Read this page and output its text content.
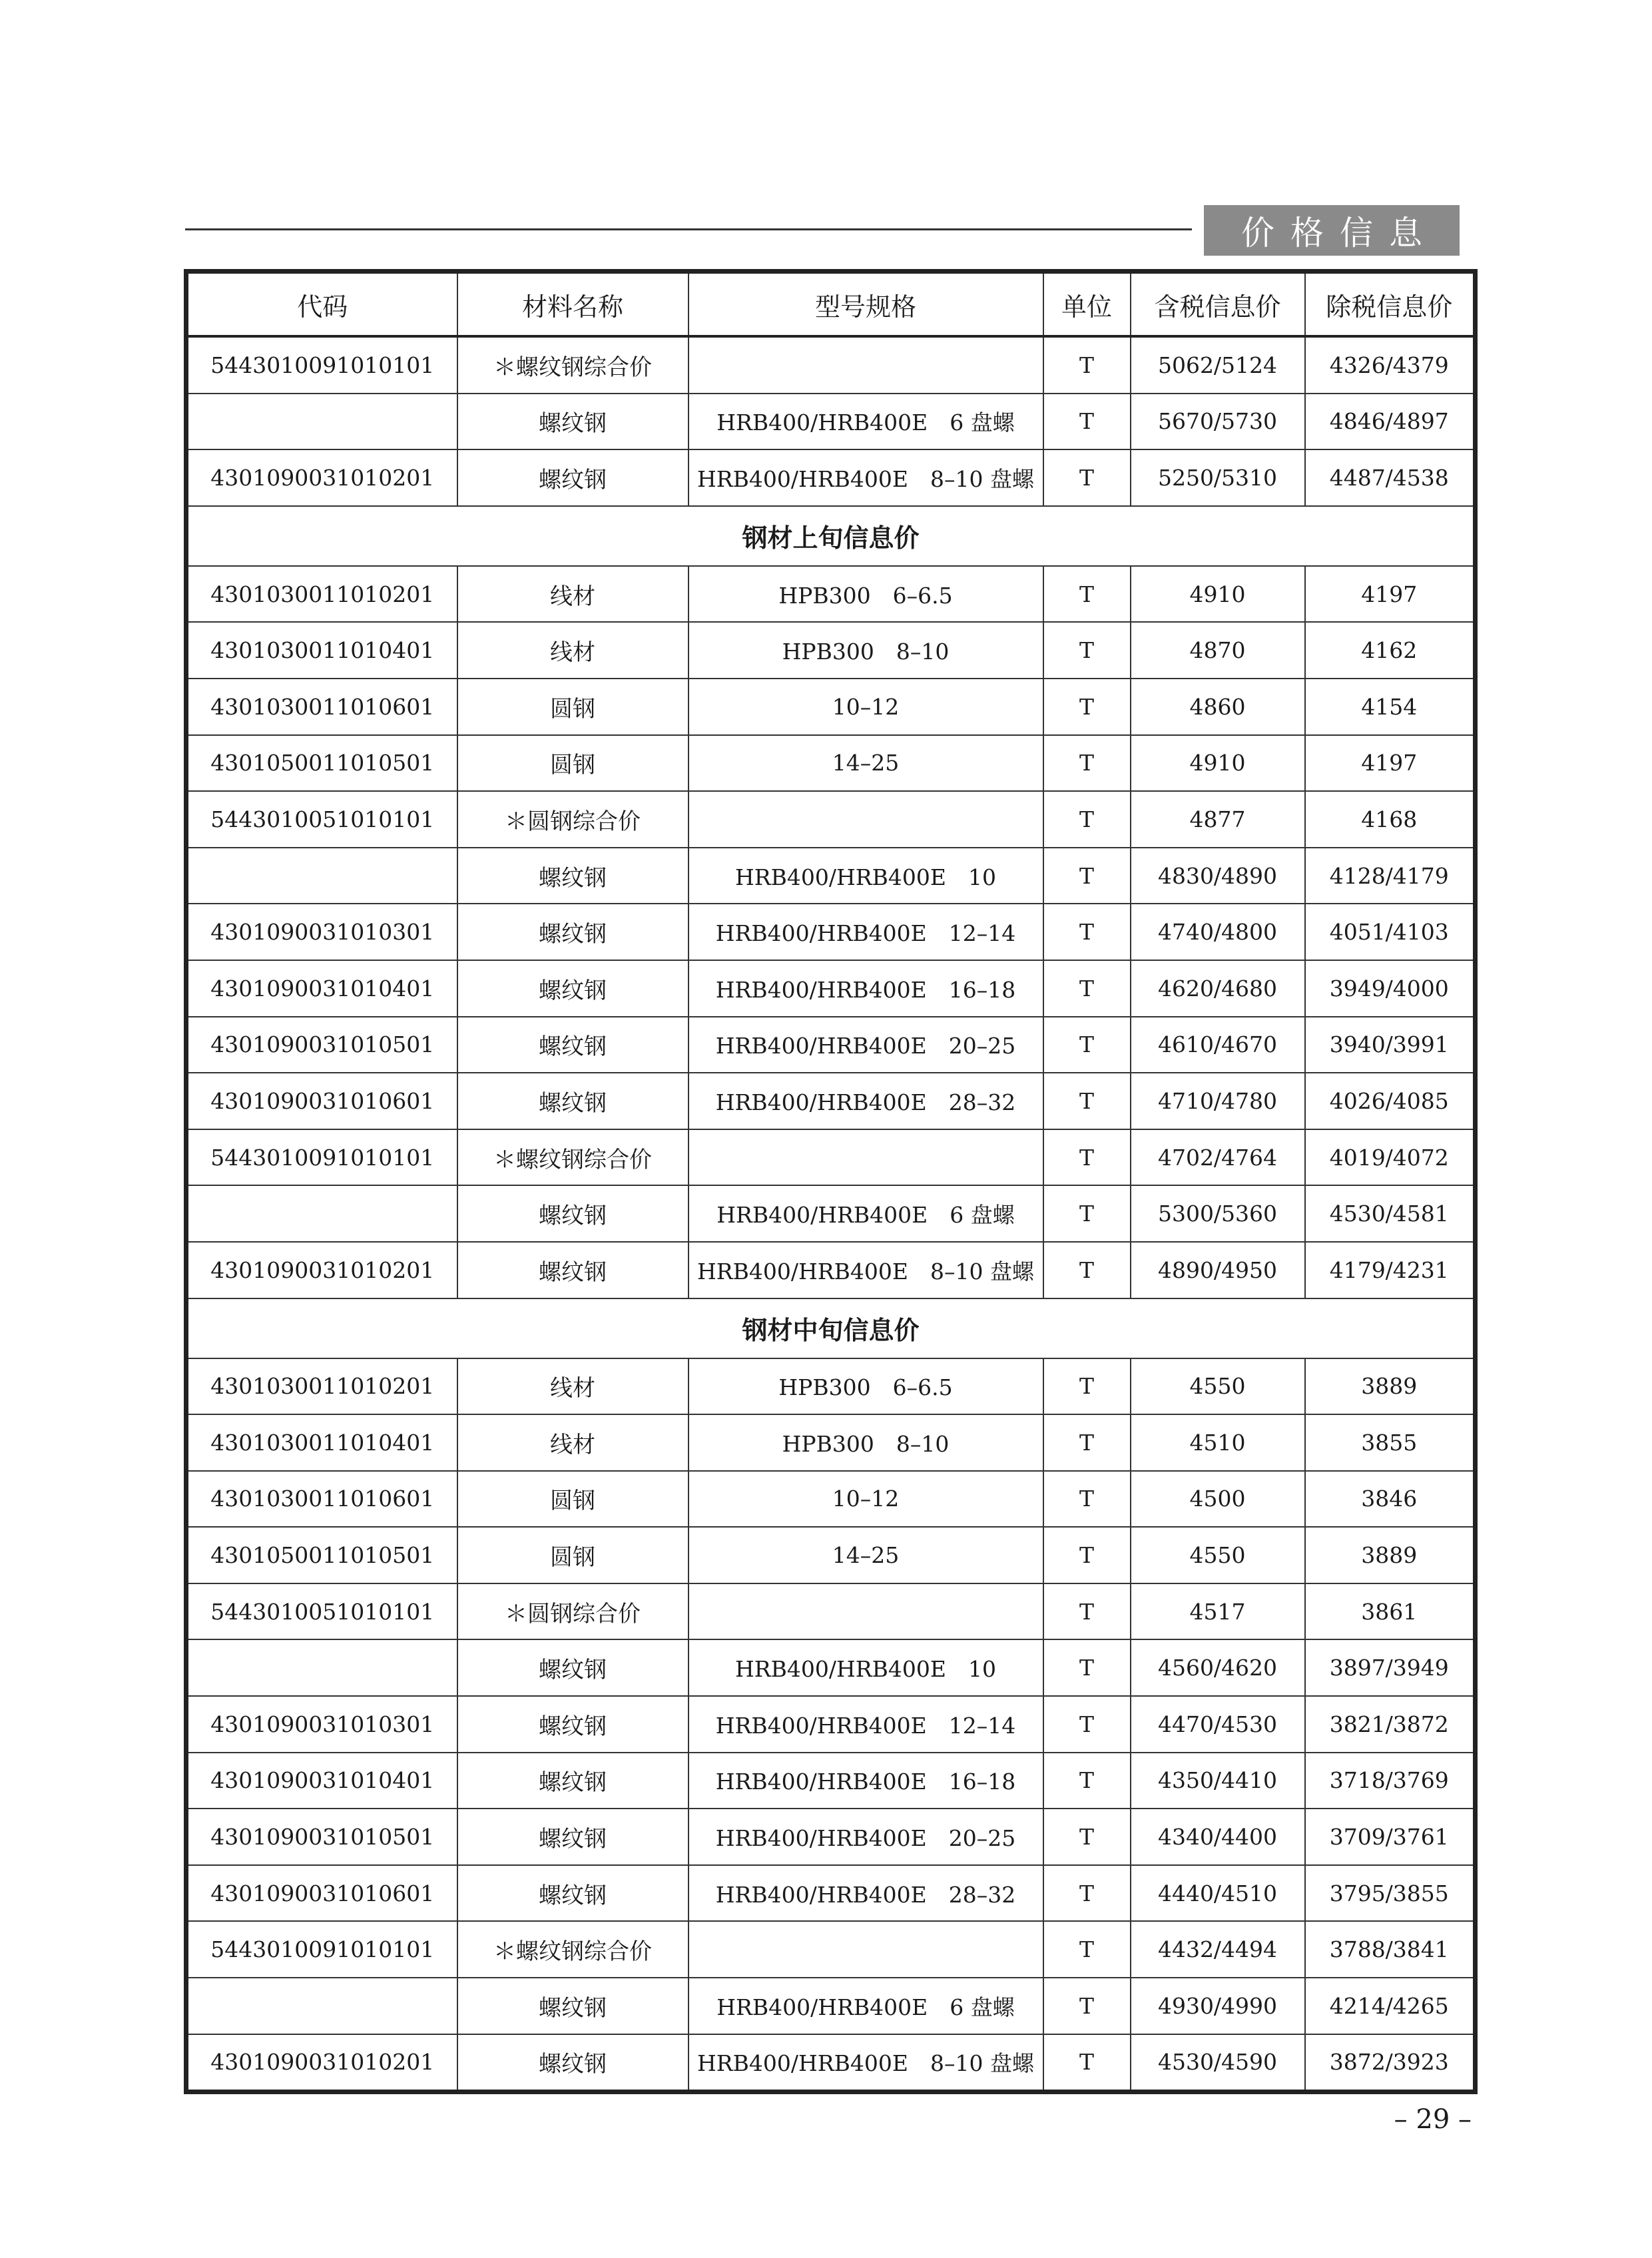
价格信息
代码	材料名称	型号规格	单位	含税信息价	除税信息价
5443010091010101	＊螺纹钢综合价		T	5062/5124	4326/4379
	螺纹钢	HRB400/HRB400E　6 盘螺	T	5670/5730	4846/4897
4301090031010201	螺纹钢	HRB400/HRB400E　8–10 盘螺	T	5250/5310	4487/4538
钢材上旬信息价					
4301030011010201	线材	HPB300　6–6.5	T	4910	4197
4301030011010401	线材	HPB300　8–10	T	4870	4162
4301030011010601	圆钢	10–12	T	4860	4154
4301050011010501	圆钢	14–25	T	4910	4197
5443010051010101	＊圆钢综合价		T	4877	4168
	螺纹钢	HRB400/HRB400E　10	T	4830/4890	4128/4179
4301090031010301	螺纹钢	HRB400/HRB400E　12–14	T	4740/4800	4051/4103
4301090031010401	螺纹钢	HRB400/HRB400E　16–18	T	4620/4680	3949/4000
4301090031010501	螺纹钢	HRB400/HRB400E　20–25	T	4610/4670	3940/3991
4301090031010601	螺纹钢	HRB400/HRB400E　28–32	T	4710/4780	4026/4085
5443010091010101	＊螺纹钢综合价		T	4702/4764	4019/4072
	螺纹钢	HRB400/HRB400E　6 盘螺	T	5300/5360	4530/4581
4301090031010201	螺纹钢	HRB400/HRB400E　8–10 盘螺	T	4890/4950	4179/4231
钢材中旬信息价					
4301030011010201	线材	HPB300　6–6.5	T	4550	3889
4301030011010401	线材	HPB300　8–10	T	4510	3855
4301030011010601	圆钢	10–12	T	4500	3846
4301050011010501	圆钢	14–25	T	4550	3889
5443010051010101	＊圆钢综合价		T	4517	3861
	螺纹钢	HRB400/HRB400E　10	T	4560/4620	3897/3949
4301090031010301	螺纹钢	HRB400/HRB400E　12–14	T	4470/4530	3821/3872
4301090031010401	螺纹钢	HRB400/HRB400E　16–18	T	4350/4410	3718/3769
4301090031010501	螺纹钢	HRB400/HRB400E　20–25	T	4340/4400	3709/3761
4301090031010601	螺纹钢	HRB400/HRB400E　28–32	T	4440/4510	3795/3855
5443010091010101	＊螺纹钢综合价		T	4432/4494	3788/3841
	螺纹钢	HRB400/HRB400E　6 盘螺	T	4930/4990	4214/4265
4301090031010201	螺纹钢	HRB400/HRB400E　8–10 盘螺	T	4530/4590	3872/3923
– 29 –
